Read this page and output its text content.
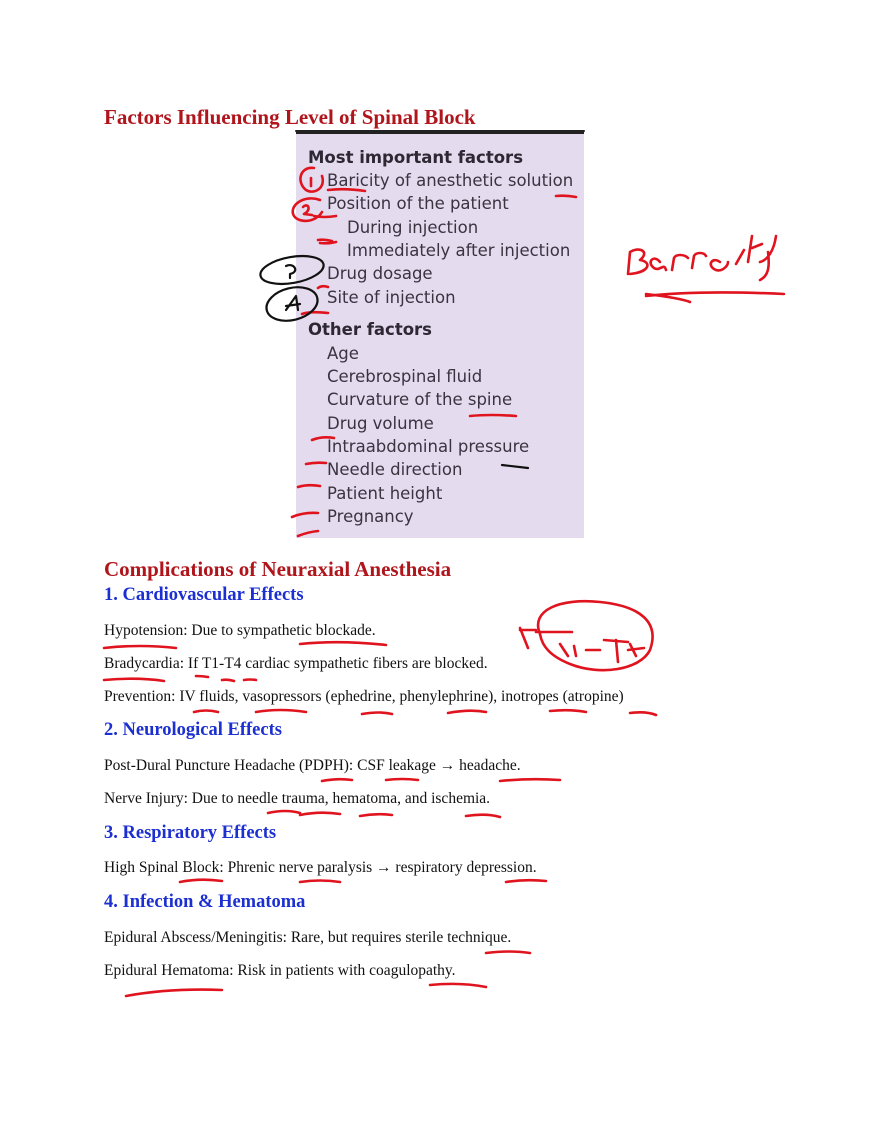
Factors Influencing Level of Spinal Block
Most important factors
Baricity of anesthetic solution
Position of the patient
During injection
Immediately after injection
Drug dosage
Site of injection
Other factors
Age
Cerebrospinal fluid
Curvature of the spine
Drug volume
Intraabdominal pressure
Needle direction
Patient height
Pregnancy
Complications of Neuraxial Anesthesia
1. Cardiovascular Effects
Hypotension: Due to sympathetic blockade.
Bradycardia: If T1-T4 cardiac sympathetic fibers are blocked.
Prevention: IV fluids, vasopressors (ephedrine, phenylephrine), inotropes (atropine)
2. Neurological Effects
Post-Dural Puncture Headache (PDPH): CSF leakage → headache.
Nerve Injury: Due to needle trauma, hematoma, and ischemia.
3. Respiratory Effects
High Spinal Block: Phrenic nerve paralysis → respiratory depression.
4. Infection & Hematoma
Epidural Abscess/Meningitis: Rare, but requires sterile technique.
Epidural Hematoma: Risk in patients with coagulopathy.
